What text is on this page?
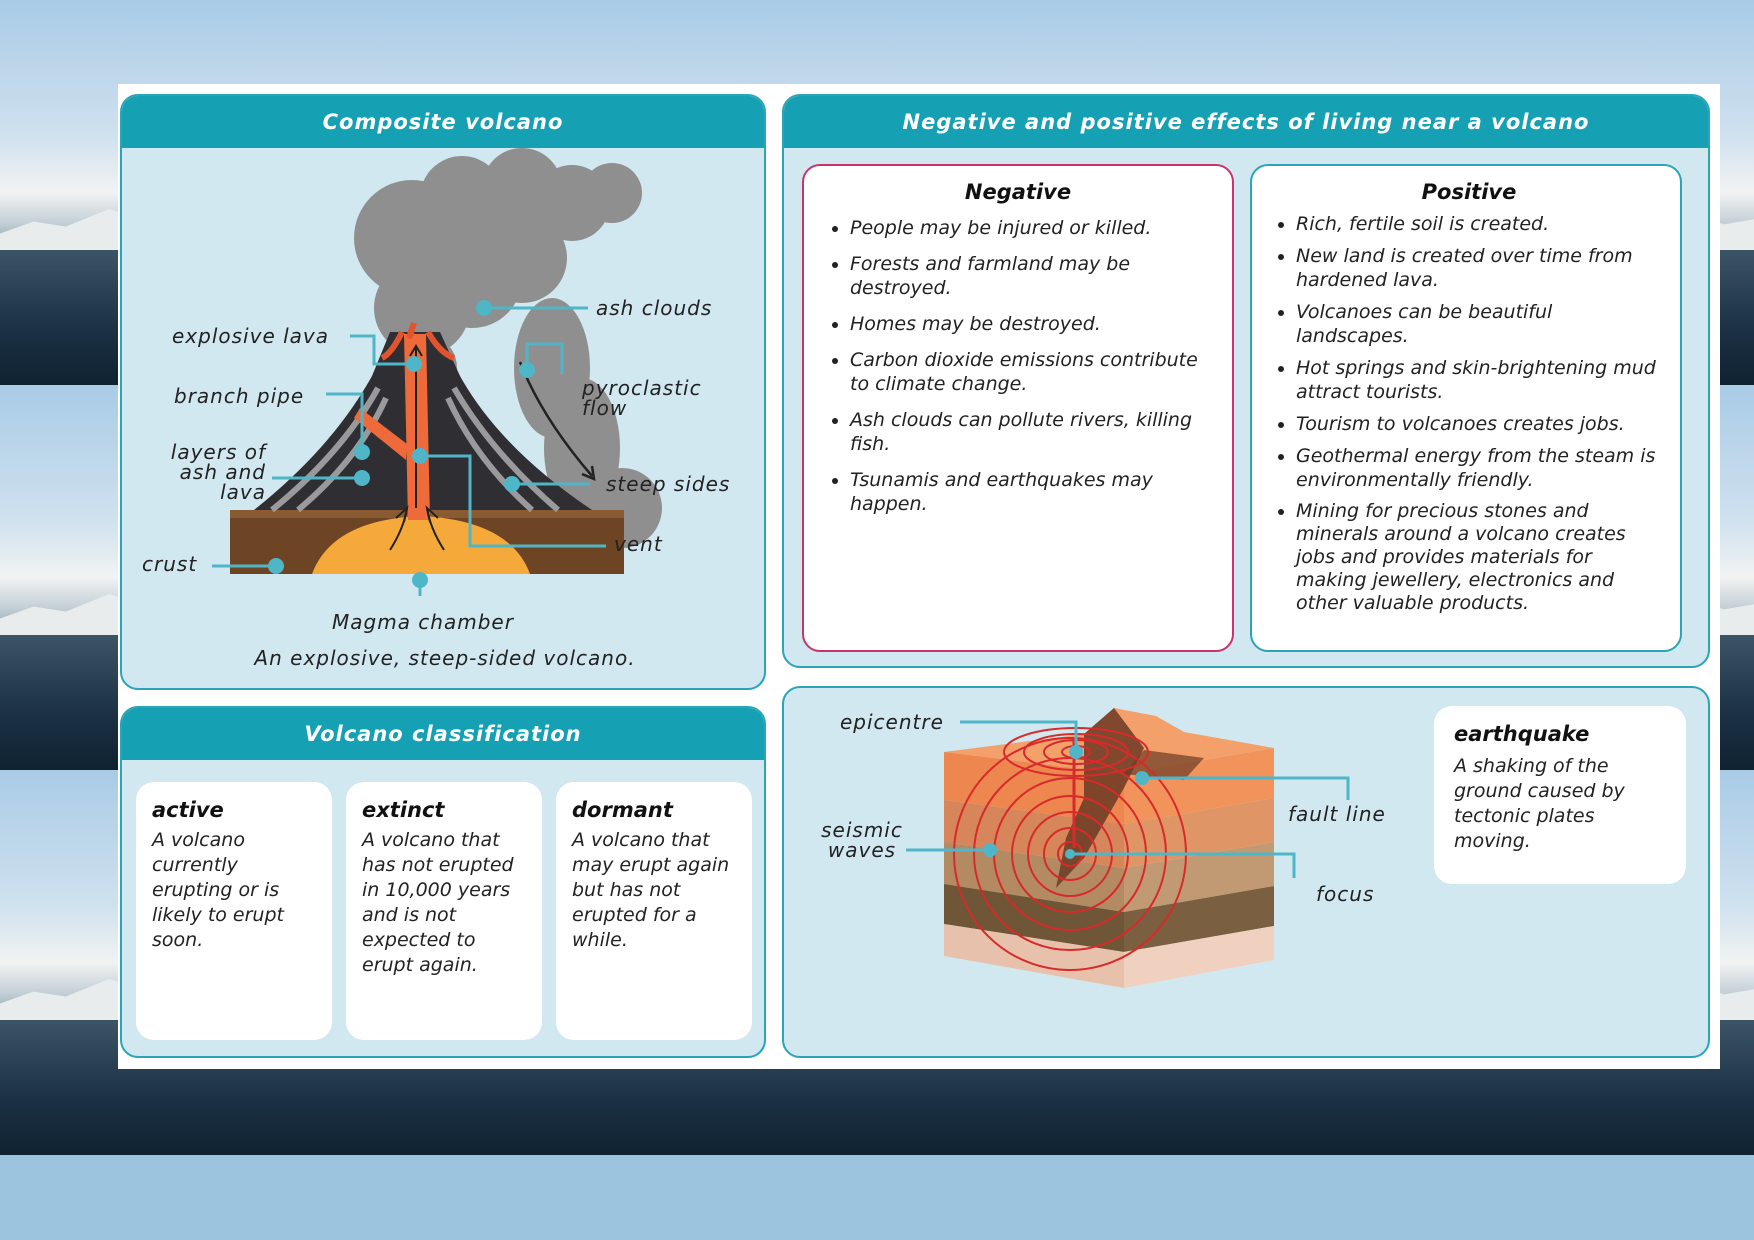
Composite volcano
ash clouds
explosive lava
branch pipe	pyroclastic
flow
layers of
ash and
lava	steep sides
vent
crust
Magma chamber
An explosive, steep-sided volcano.
Negative and positive effects of living near a volcano
Negative
• People may be injured or killed.
• Forests and farmland may be destroyed.
• Homes may be destroyed.
• Carbon dioxide emissions contribute to climate change.
• Ash clouds can pollute rivers, killing fish.
• Tsunamis and earthquakes may happen.
Positive
• Rich, fertile soil is created.
• New land is created over time from hardened lava.
• Volcanoes can be beautiful landscapes.
• Hot springs and skin-brightening mud attract tourists.
• Tourism to volcanoes creates jobs.
• Geothermal energy from the steam is environmentally friendly.
• Mining for precious stones and minerals around a volcano creates jobs and provides materials for making jewellery, electronics and other valuable products.
Volcano classification
active
A volcano currently erupting or is likely to erupt soon.
extinct
A volcano that has not erupted in 10,000 years and is not expected to erupt again.
dormant
A volcano that may erupt again but has not erupted for a while.
epicentre
seismic
waves
fault line
focus
earthquake
A shaking of the ground caused by tectonic plates moving.
